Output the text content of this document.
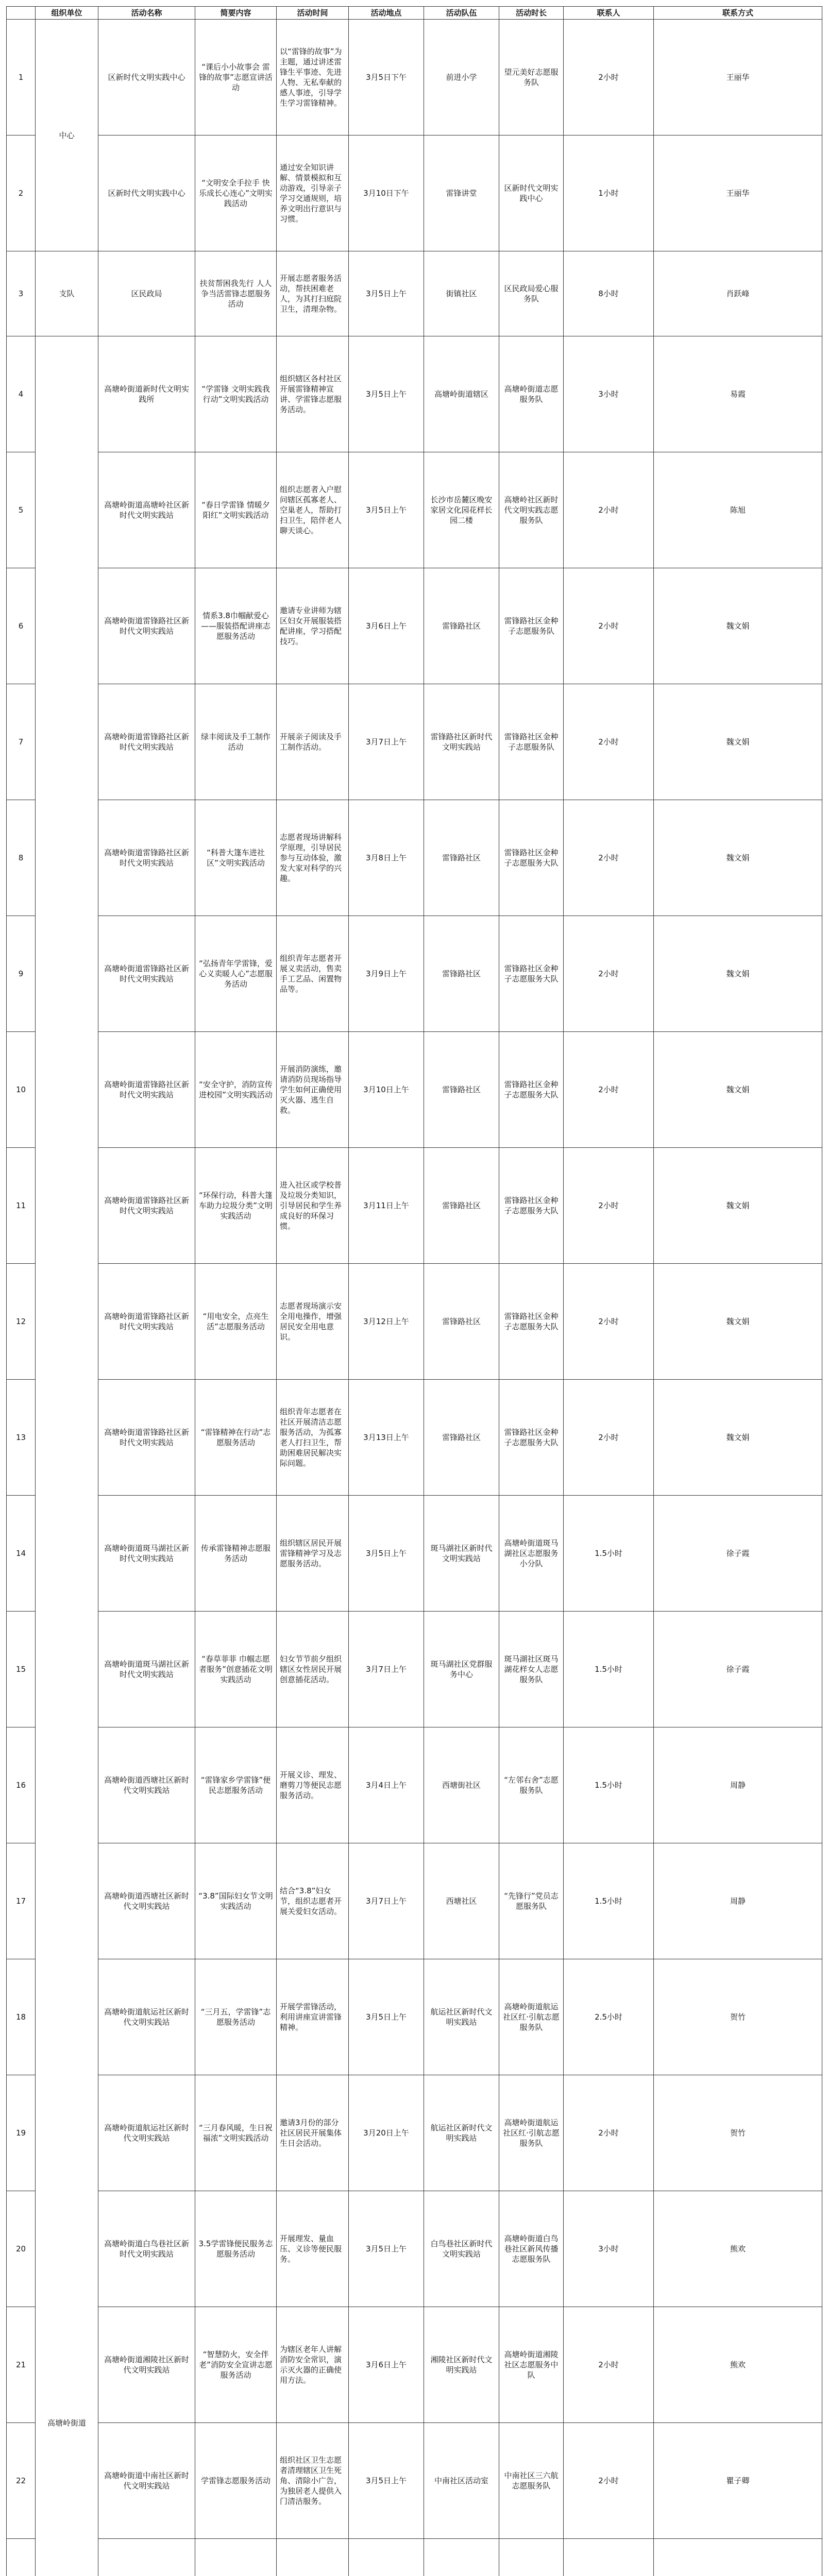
	组织单位	活动名称	简要内容	活动时间	活动地点	活动队伍	活动时长	联系人	联系方式	
1	中心	区新时代文明实践中心	“课后小小故事会 雷锋的故事”志愿宣讲活动	以“雷锋的故事”为主题，通过讲述雷锋生平事迹、先进人物、无私奉献的感人事迹，引导学生学习雷锋精神。	3月5日下午	前进小学	望元美好志愿服务队	2小时	王丽华	
2		区新时代文明实践中心	“文明安全手拉手 快乐成长心连心”文明实践活动	通过安全知识讲解、情景模拟和互动游戏，引导亲子学习交通规则，培养文明出行意识与习惯。	3月10日下午	雷锋讲堂	区新时代文明实践中心	1小时	王丽华	
3	支队	区民政局	扶贫帮困我先行 人人争当活雷锋志愿服务活动	开展志愿者服务活动，帮扶困难老人，为其打扫庭院卫生，清理杂物。	3月5日上午	街镇社区	区民政局爱心服务队	8小时	肖跃峰	
4	高塘岭街道	高塘岭街道新时代文明实践所	“学雷锋 文明实践我行动”文明实践活动	组织辖区各村社区开展雷锋精神宣讲、学雷锋志愿服务活动。	3月5日上午	高塘岭街道辖区	高塘岭街道志愿服务队	3小时	易霞	
5		高塘岭街道高塘岭社区新时代文明实践站	“春日学雷锋 情暖夕阳红”文明实践活动	组织志愿者入户慰问辖区孤寡老人、空巢老人，帮助打扫卫生，陪伴老人聊天谈心。	3月5日上午	长沙市岳麓区晚安家居文化园花样长园二楼	高塘岭社区新时代文明实践志愿服务队	2小时	陈旭	
6		高塘岭街道雷锋路社区新时代文明实践站	情系3.8巾帼献爱心——服装搭配讲座志愿服务活动	邀请专业讲师为辖区妇女开展服装搭配讲座，学习搭配技巧。	3月6日上午	雷锋路社区	雷锋路社区金种子志愿服务队	2小时	魏文娟	
7		高塘岭街道雷锋路社区新时代文明实践站	绿丰阅读及手工制作活动	开展亲子阅读及手工制作活动。	3月7日上午	雷锋路社区新时代文明实践站	雷锋路社区金种子志愿服务队	2小时	魏文娟	
8		高塘岭街道雷锋路社区新时代文明实践站	“科普大篷车进社区”文明实践活动	志愿者现场讲解科学原理，引导居民参与互动体验，激发大家对科学的兴趣。	3月8日上午	雷锋路社区	雷锋路社区金种子志愿服务大队	2小时	魏文娟	
9		高塘岭街道雷锋路社区新时代文明实践站	“弘扬青年学雷锋，爱心义卖暖人心”志愿服务活动	组织青年志愿者开展义卖活动，售卖手工艺品、闲置物品等。	3月9日上午	雷锋路社区	雷锋路社区金种子志愿服务大队	2小时	魏文娟	
10		高塘岭街道雷锋路社区新时代文明实践站	“安全守护，消防宣传进校园”文明实践活动	开展消防演练，邀请消防员现场指导学生如何正确使用灭火器、逃生自救。	3月10日上午	雷锋路社区	雷锋路社区金种子志愿服务大队	2小时	魏文娟	
11		高塘岭街道雷锋路社区新时代文明实践站	“环保行动，科普大篷车助力垃圾分类”文明实践活动	进入社区或学校普及垃圾分类知识，引导居民和学生养成良好的环保习惯。	3月11日上午	雷锋路社区	雷锋路社区金种子志愿服务大队	2小时	魏文娟	
12		高塘岭街道雷锋路社区新时代文明实践站	“用电安全，点亮生活”志愿服务活动	志愿者现场演示安全用电操作，增强居民安全用电意识。	3月12日上午	雷锋路社区	雷锋路社区金种子志愿服务大队	2小时	魏文娟	
13		高塘岭街道雷锋路社区新时代文明实践站	“雷锋精神在行动”志愿服务活动	组织青年志愿者在社区开展清洁志愿服务活动，为孤寡老人打扫卫生，帮助困难居民解决实际问题。	3月13日上午	雷锋路社区	雷锋路社区金种子志愿服务大队	2小时	魏文娟	
14		高塘岭街道斑马湖社区新时代文明实践站	传承雷锋精神志愿服务活动	组织辖区居民开展雷锋精神学习及志愿服务活动。	3月5日上午	斑马湖社区新时代文明实践站	高塘岭街道斑马湖社区志愿服务小分队	1.5小时	徐子霞	
15		高塘岭街道斑马湖社区新时代文明实践站	“春草菲菲 巾帼志愿者服务”创意插花文明实践活动	妇女节节前夕组织辖区女性居民开展创意插花活动。	3月7日上午	斑马湖社区党群服务中心	斑马湖社区斑马湖花样女人志愿服务队	1.5小时	徐子霞	
16		高塘岭街道西塘社区新时代文明实践站	“雷锋家乡学雷锋”便民志愿服务活动	开展义诊、理发、磨剪刀等便民志愿服务活动。	3月4日上午	西塘街社区	“左邻右舍”志愿服务队	1.5小时	周静	
17		高塘岭街道西塘社区新时代文明实践站	“3.8”国际妇女节文明实践活动	结合“3.8”妇女节，组织志愿者开展关爱妇女活动。	3月7日上午	西塘社区	“先锋行”党员志愿服务队	1.5小时	周静	
18		高塘岭街道航运社区新时代文明实践站	“三月五，学雷锋”志愿服务活动	开展学雷锋活动，利用讲座宣讲雷锋精神。	3月5日上午	航运社区新时代文明实践站	高塘岭街道航运社区红·引航志愿服务队	2.5小时	贺竹	
19		高塘岭街道航运社区新时代文明实践站	“三月春风暖，生日祝福浓”文明实践活动	邀请3月份的部分社区居民开展集体生日会活动。	3月20日上午	航运社区新时代文明实践站	高塘岭街道航运社区红·引航志愿服务队	2小时	贺竹	
20		高塘岭街道白鸟巷社区新时代文明实践站	3.5学雷锋便民服务志愿服务活动	开展理发、量血压、义诊等便民服务。	3月5日上午	白鸟巷社区新时代文明实践站	高塘岭街道白鸟巷社区新风传播志愿服务队	3小时	熊欢	
21		高塘岭街道湘陵社区新时代文明实践站	“智慧防火，安全伴老”消防安全宣讲志愿服务活动	为辖区老年人讲解消防安全常识，演示灭火器的正确使用方法。	3月6日上午	湘陵社区新时代文明实践站	高塘岭街道湘陵社区志愿服务中队	2小时	熊欢	
22		高塘岭街道中南社区新时代文明实践站	学雷锋志愿服务活动	组织社区卫生志愿者清理辖区卫生死角、清除小广告，为独居老人提供入门清洁服务。	3月5日上午	中南社区活动室	中南社区三六航志愿服务队	2小时	瞿子卿	
